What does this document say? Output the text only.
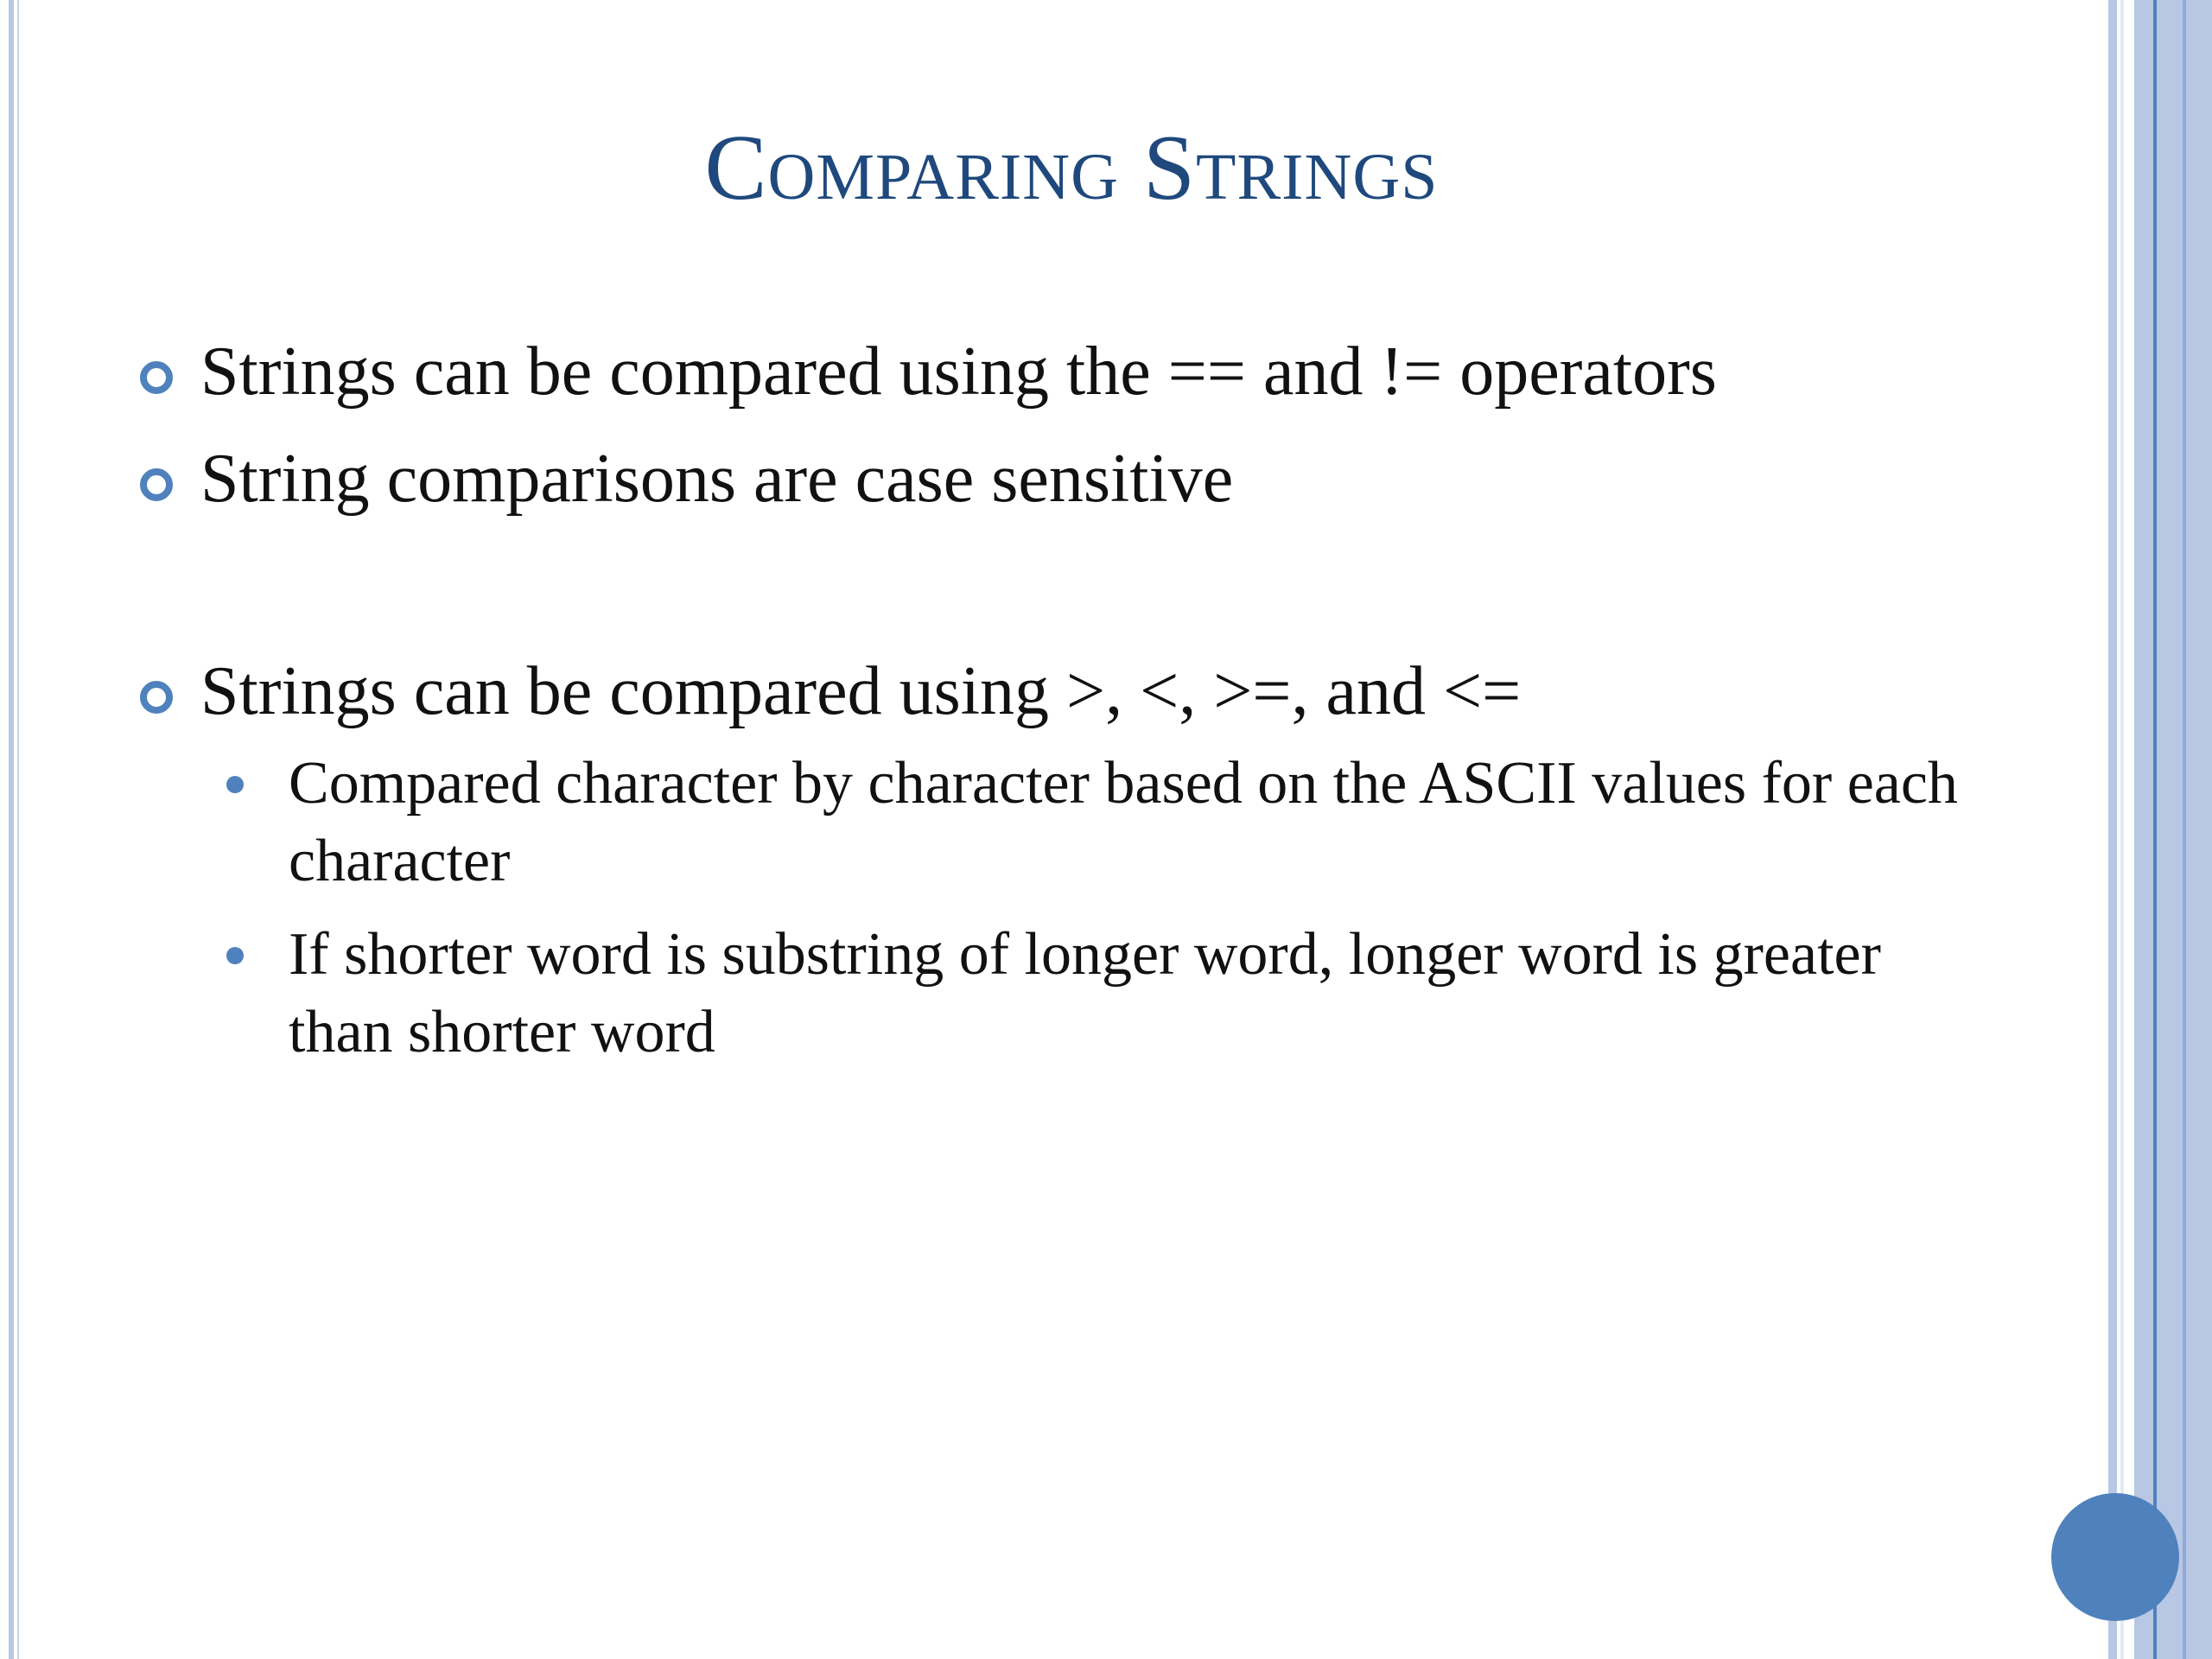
Comparing Strings
Strings can be compared using the == and != operators
String comparisons are case sensitive
Strings can be compared using >, <, >=, and <=
Compared character by character based on the ASCII values for each character
If shorter word is substring of longer word, longer word is greater than shorter word
